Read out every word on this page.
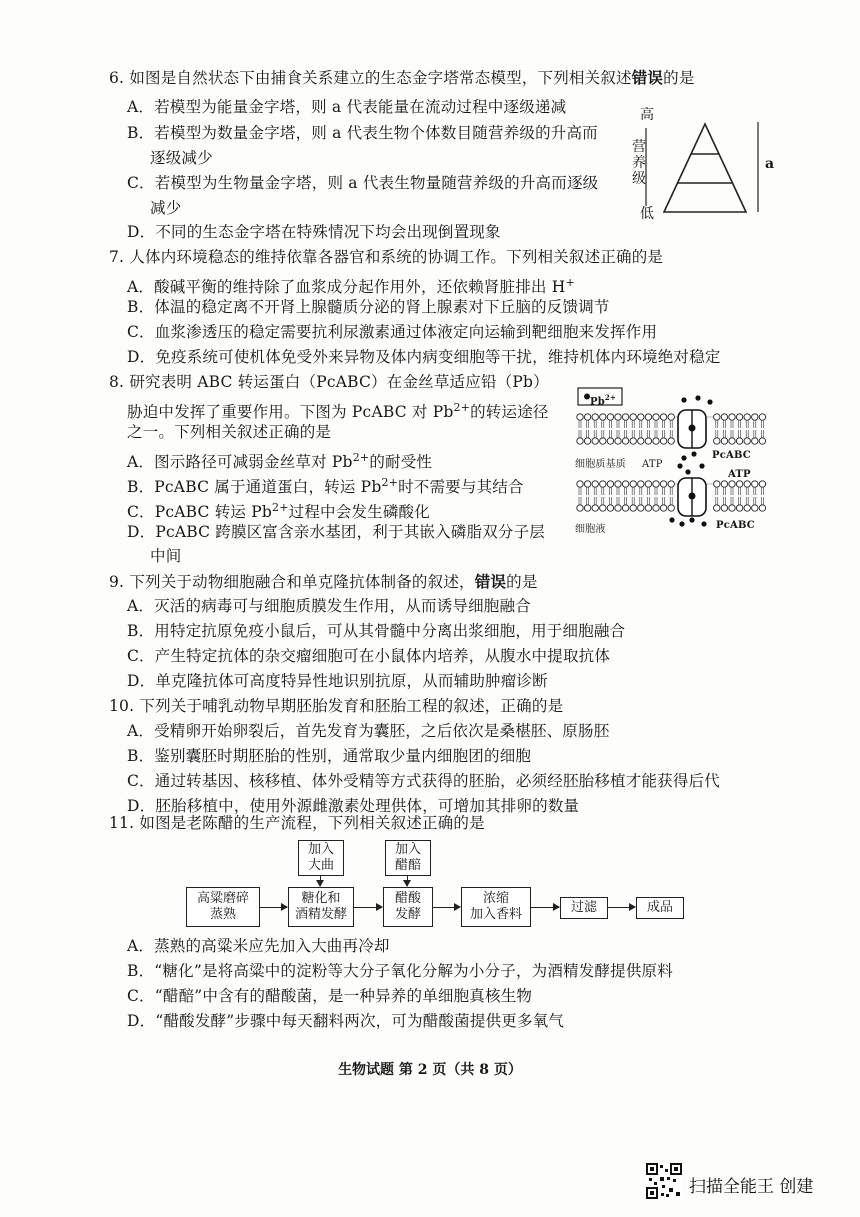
6. 如图是自然状态下由捕食关系建立的生态金字塔常态模型，下列相关叙述错误的是
A．若模型为能量金字塔，则 a 代表能量在流动过程中逐级递减
B．若模型为数量金字塔，则 a 代表生物个体数目随营养级的升高而
逐级减少
C．若模型为生物量金字塔，则 a 代表生物量随营养级的升高而逐级
减少
D．不同的生态金字塔在特殊情况下均会出现倒置现象
高
营养级
低
a
7. 人体内环境稳态的维持依靠各器官和系统的协调工作。下列相关叙述正确的是
A．酸碱平衡的维持除了血浆成分起作用外，还依赖肾脏排出 H+
B．体温的稳定离不开肾上腺髓质分泌的肾上腺素对下丘脑的反馈调节
C．血浆渗透压的稳定需要抗利尿激素通过体液定向运输到靶细胞来发挥作用
D．免疫系统可使机体免受外来异物及体内病变细胞等干扰，维持机体内环境绝对稳定
8. 研究表明 ABC 转运蛋白（PcABC）在金丝草适应铅（Pb）
胁迫中发挥了重要作用。下图为 PcABC 对 $Pb^{2+}$的转运途径
之一。下列相关叙述正确的是
A．图示路径可减弱金丝草对 $Pb^{2+}$的耐受性
B．PcABC 属于通道蛋白，转运 $Pb^{2+}$时不需要与其结合
C．PcABC 转运 $Pb^{2+}$过程中会发生磷酸化
D．PcABC 跨膜区富含亲水基团，利于其嵌入磷脂双分子层
中间
$Pb^{2+}$
细胞质基质 ATP
PcABC
ATP
细胞液	PcABC
9. 下列关于动物细胞融合和单克隆抗体制备的叙述，错误的是
A．灭活的病毒可与细胞质膜发生作用，从而诱导细胞融合
B．用特定抗原免疫小鼠后，可从其骨髓中分离出浆细胞，用于细胞融合
C．产生特定抗体的杂交瘤细胞可在小鼠体内培养，从腹水中提取抗体
D．单克隆抗体可高度特异性地识别抗原，从而辅助肿瘤诊断
10. 下列关于哺乳动物早期胚胎发育和胚胎工程的叙述，正确的是
A．受精卵开始卵裂后，首先发育为囊胚，之后依次是桑椹胚、原肠胚
B．鉴别囊胚时期胚胎的性别，通常取少量内细胞团的细胞
C．通过转基因、核移植、体外受精等方式获得的胚胎，必须经胚胎移植才能获得后代
D．胚胎移植中，使用外源雌激素处理供体，可增加其排卵的数量
11. 如图是老陈醋的生产流程，下列相关叙述正确的是
加入
大曲
加入
醋醅
高粱磨碎
蒸熟
糖化和
酒精发酵
醋酸
发酵
浓缩
加入香料	过滤	成品
A．蒸熟的高粱米应先加入大曲再冷却
B．“糖化”是将高粱中的淀粉等大分子氧化分解为小分子，为酒精发酵提供原料
C．“醋醅”中含有的醋酸菌，是一种异养的单细胞真核生物
D．“醋酸发酵”步骤中每天翻料两次，可为醋酸菌提供更多氧气
生物试题 第 2 页（共 8 页）
扫描全能王 创建
